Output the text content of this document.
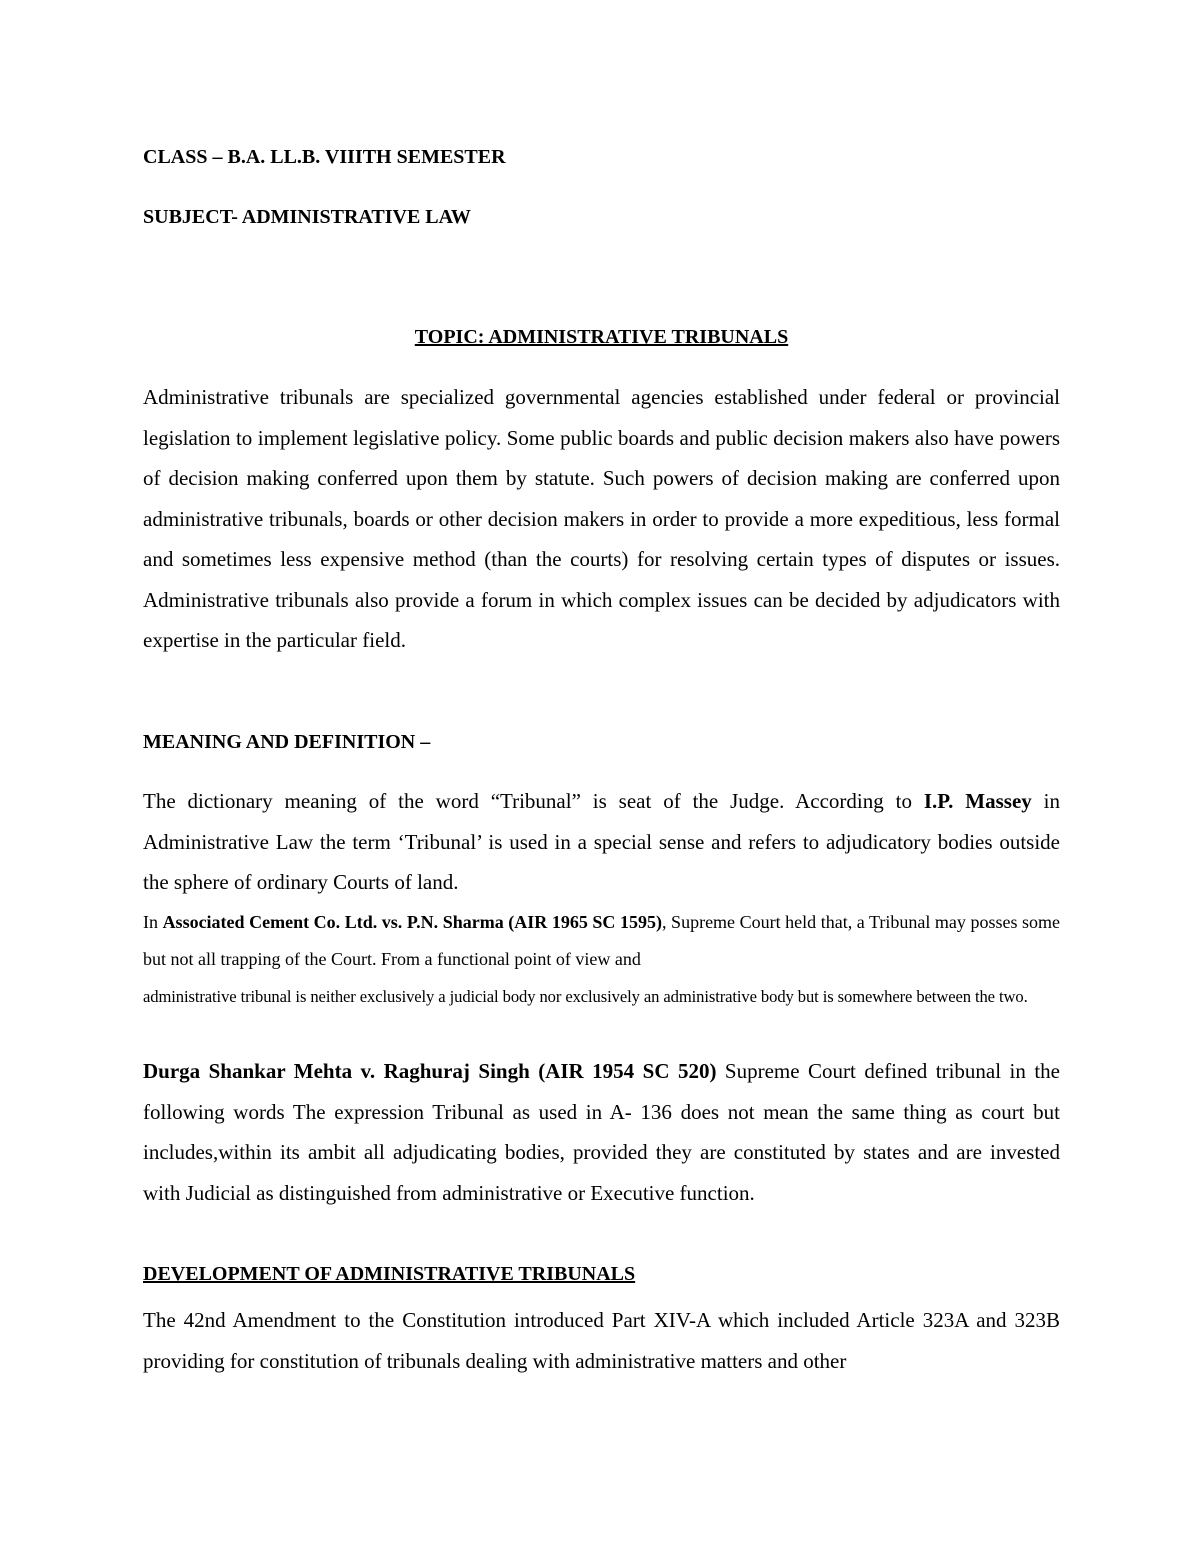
CLASS – B.A. LL.B. VIIITH SEMESTER
SUBJECT- ADMINISTRATIVE LAW
TOPIC: ADMINISTRATIVE TRIBUNALS

Administrative tribunals are specialized governmental agencies established under federal or provincial legislation to implement legislative policy. Some public boards and public decision makers also have powers of decision making conferred upon them by statute. Such powers of decision making are conferred upon administrative tribunals, boards or other decision makers in order to provide a more expeditious, less formal and sometimes less expensive method (than the courts) for resolving certain types of disputes or issues. Administrative tribunals also provide a forum in which complex issues can be decided by adjudicators with expertise in the particular field.

MEANING AND DEFINITION –

The dictionary meaning of the word “Tribunal” is seat of the Judge. According to I.P. Massey in Administrative Law the term ‘Tribunal’ is used in a special sense and refers to adjudicatory bodies outside the sphere of ordinary Courts of land.

In Associated Cement Co. Ltd. vs. P.N. Sharma (AIR 1965 SC 1595), Supreme Court held that, a Tribunal may posses some but not all trapping of the Court. From a functional point of view and

administrative tribunal is neither exclusively a judicial body nor exclusively an administrative body but is somewhere between the two.

Durga Shankar Mehta v. Raghuraj Singh (AIR 1954 SC 520) Supreme Court defined tribunal in the following words The expression Tribunal as used in A- 136 does not mean the same thing as court but includes,within its ambit all adjudicating bodies, provided they are constituted by states and are invested with Judicial as distinguished from administrative or Executive function.

DEVELOPMENT OF ADMINISTRATIVE TRIBUNALS

The 42nd Amendment to the Constitution introduced Part XIV-A which included Article 323A and 323B providing for constitution of tribunals dealing with administrative matters and other
